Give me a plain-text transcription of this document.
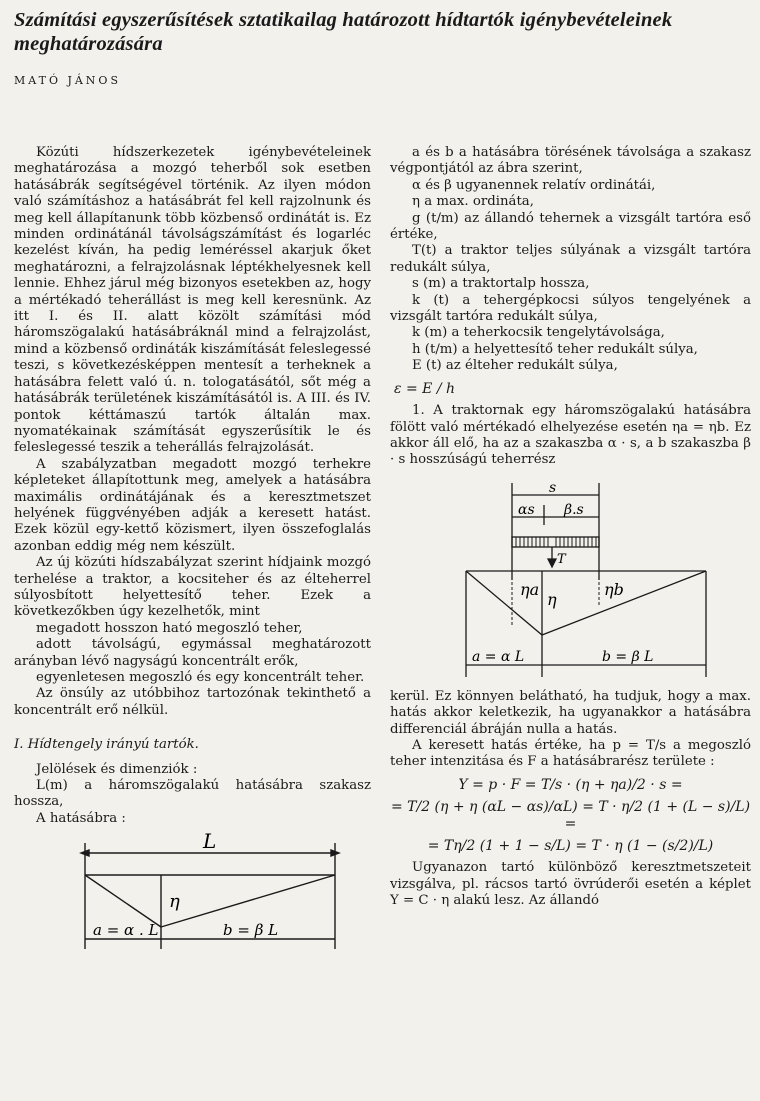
Számítási egyszerűsítések sztatikailag határozott hídtartók igénybevételeinek meghatározására
MATÓ JÁNOS

Közúti hídszerkezetek igénybevételeinek meghatározása a mozgó teherből sok esetben hatásábrák segítségével történik. Az ilyen módon való számításhoz a hatásábrát fel kell rajzolnunk és meg kell állapítanunk több közbenső ordinátát is. Ez minden ordinátánál távolságszámítást és logarléc kezelést kíván, ha pedig leméréssel akarjuk őket meghatározni, a felrajzolásnak léptékhelyesnek kell lennie. Ehhez járul még bizonyos esetekben az, hogy a mértékadó teherállást is meg kell keresnünk. Az itt I. és II. alatt közölt számítási mód háromszögalakú hatásábráknál mind a felrajzolást, mind a közbenső ordináták kiszámítását feleslegessé teszi, s következésképpen mentesít a terheknek a hatásábra felett való ú. n. tologatásától, sőt még a hatásábrák területének kiszámításától is. A III. és IV. pontok kéttámaszú tartók általán max. nyomatékainak számítását egyszerűsítik le és feleslegessé teszik a teherállás felrajzolását.

A szabályzatban megadott mozgó terhekre képleteket állapítottunk meg, amelyek a hatásábra maximális ordinátájának és a keresztmetszet helyének függvényében adják a keresett hatást. Ezek közül egy-kettő közismert, ilyen összefoglalás azonban eddig még nem készült.

Az új közúti hídszabályzat szerint hídjaink mozgó terhelése a traktor, a kocsiteher és az élteherrel súlyosbított helyettesítő teher. Ezek a következőkben úgy kezelhetők, mint

megadott hosszon ható megoszló teher,

adott távolságú, egymással meghatározott arányban lévő nagyságú koncentrált erők,

egyenletesen megoszló és egy koncentrált teher.

Az önsúly az utóbbihoz tartozónak tekinthető a koncentrált erő nélkül.

I. Hídtengely irányú tartók.

Jelölések és dimenziók :

L(m) a háromszögalakú hatásábra szakasz hossza,

A hatásábra :

L
η
a = α . L	b = β L

a és b a hatásábra törésének távolsága a szakasz végpontjától az ábra szerint,

α és β ugyanennek relatív ordinátái,

η a max. ordináta,

g (t/m) az állandó tehernek a vizsgált tartóra eső értéke,

T(t) a traktor teljes súlyának a vizsgált tartóra redukált súlya,

s (m) a traktortalp hossza,

k (t) a tehergépkocsi súlyos tengelyének a vizsgált tartóra redukált súlya,

k (m) a teherkocsik tengelytávolsága,

h (t/m) a helyettesítő teher redukált súlya,

E (t) az élteher redukált súlya,

ε = E / h

1. A traktornak egy háromszögalakú hatásábra fölött való mértékadó elhelyezése esetén ηa = ηb. Ez akkor áll elő, ha az a szakaszba α · s, a b szakaszba β · s hosszúságú teherrész

s
αs β.s
T
ηa
η
ηb
a = α L	b = β L

kerül. Ez könnyen belátható, ha tudjuk, hogy a max. hatás akkor keletkezik, ha ugyanakkor a hatásábra differenciál ábráján nulla a hatás.

A keresett hatás értéke, ha p = T/s a megoszló teher intenzitása és F a hatásábrarész területe :

Y = p · F = T/s · (η + ηa)/2 · s =

= T/2 (η + η (αL − αs)/αL) = T · η/2 (1 + (L − s)/L) =

= Tη/2 (1 + 1 − s/L) = T · η (1 − (s/2)/L)

Ugyanazon tartó különböző keresztmetszeteit vizsgálva, pl. rácsos tartó övrúderői esetén a képlet Y = C · η alakú lesz. Az állandó
